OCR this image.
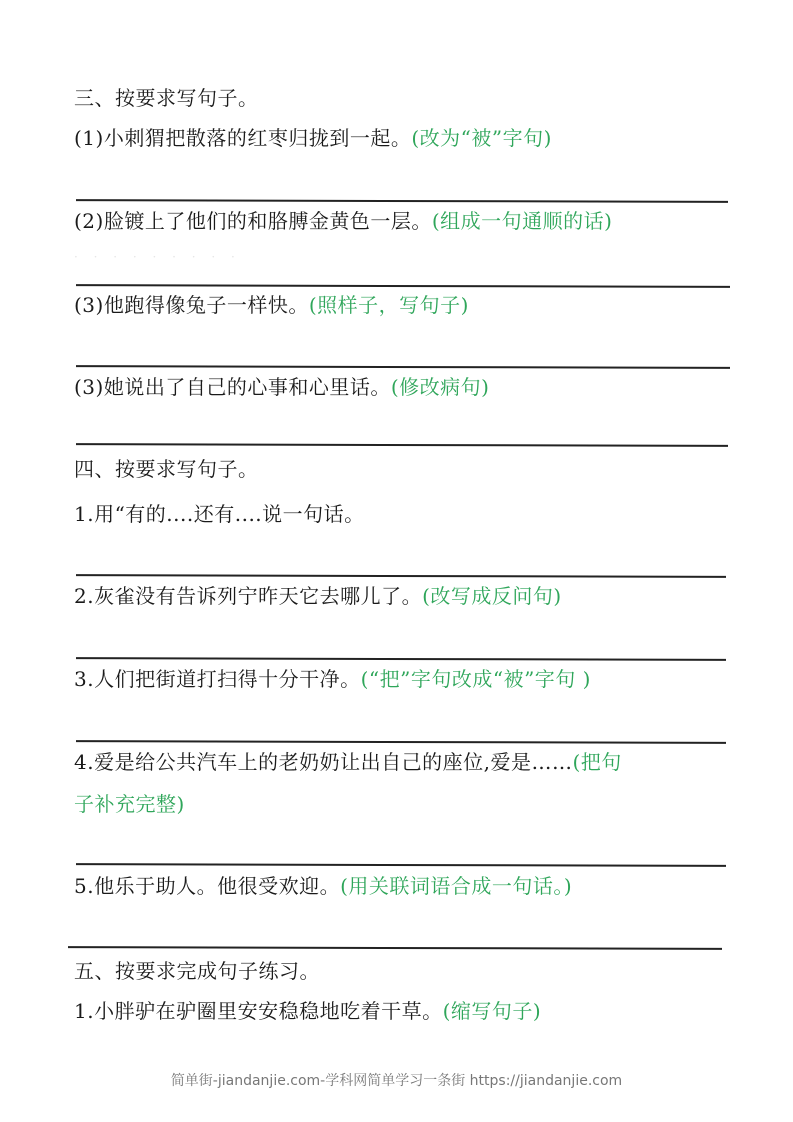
三、按要求写句子。
(1)小刺猬把散落的红枣归拢到一起。(改为“被”字句)
(2)脸镀上了他们的和胳膊金黄色一层。(组成一句通顺的话)
· · · · · · · · ·
(3)他跑得像兔子一样快。(照样子，写句子)
(3)她说出了自己的心事和心里话。(修改病句)
四、按要求写句子。
1.用“有的....还有....说一句话。
2.灰雀没有告诉列宁昨天它去哪儿了。(改写成反问句)
3.人们把街道打扫得十分干净。(“把”字句改成“被”字句 )
4.爱是给公共汽车上的老奶奶让出自己的座位,爱是……(把句
子补充完整)
5.他乐于助人。他很受欢迎。(用关联词语合成一句话。)
五、按要求完成句子练习。
1.小胖驴在驴圈里安安稳稳地吃着干草。(缩写句子)
简单街-jiandanjie.com-学科网简单学习一条街 https://jiandanjie.com
